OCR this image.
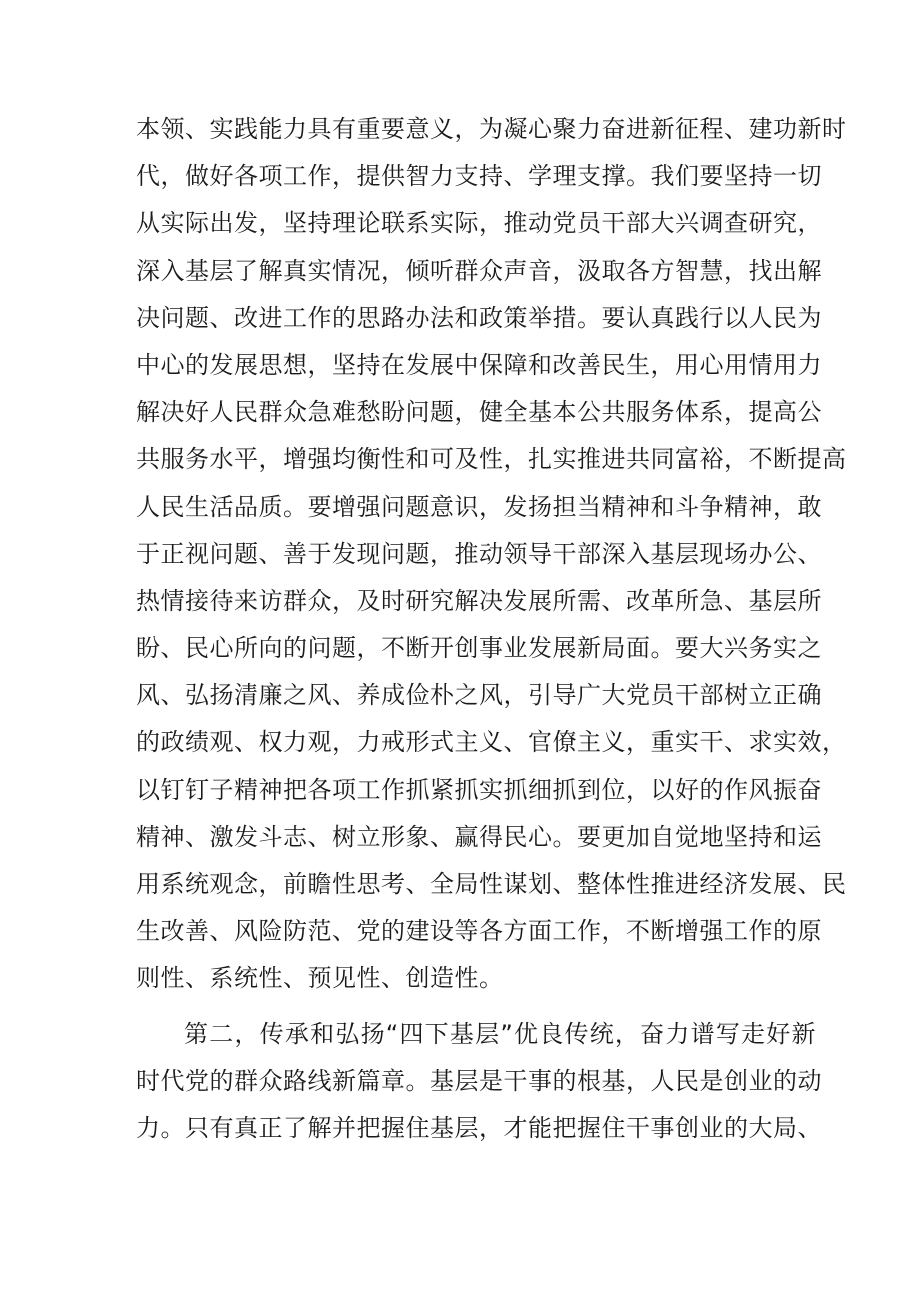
本领、实践能力具有重要意义，为凝心聚力奋进新征程、建功新时
代，做好各项工作，提供智力支持、学理支撑。我们要坚持一切
从实际出发，坚持理论联系实际，推动党员干部大兴调查研究，
深入基层了解真实情况，倾听群众声音，汲取各方智慧，找出解
决问题、改进工作的思路办法和政策举措。要认真践行以人民为
中心的发展思想，坚持在发展中保障和改善民生，用心用情用力
解决好人民群众急难愁盼问题，健全基本公共服务体系，提高公
共服务水平，增强均衡性和可及性，扎实推进共同富裕，不断提高
人民生活品质。要增强问题意识，发扬担当精神和斗争精神，敢
于正视问题、善于发现问题，推动领导干部深入基层现场办公、
热情接待来访群众，及时研究解决发展所需、改革所急、基层所
盼、民心所向的问题，不断开创事业发展新局面。要大兴务实之
风、弘扬清廉之风、养成俭朴之风，引导广大党员干部树立正确
的政绩观、权力观，力戒形式主义、官僚主义，重实干、求实效，
以钉钉子精神把各项工作抓紧抓实抓细抓到位，以好的作风振奋
精神、激发斗志、树立形象、赢得民心。要更加自觉地坚持和运
用系统观念，前瞻性思考、全局性谋划、整体性推进经济发展、民
生改善、风险防范、党的建设等各方面工作，不断增强工作的原
则性、系统性、预见性、创造性。
第二，传承和弘扬“四下基层”优良传统，奋力谱写走好新
时代党的群众路线新篇章。基层是干事的根基，人民是创业的动
力。只有真正了解并把握住基层，才能把握住干事创业的大局、
